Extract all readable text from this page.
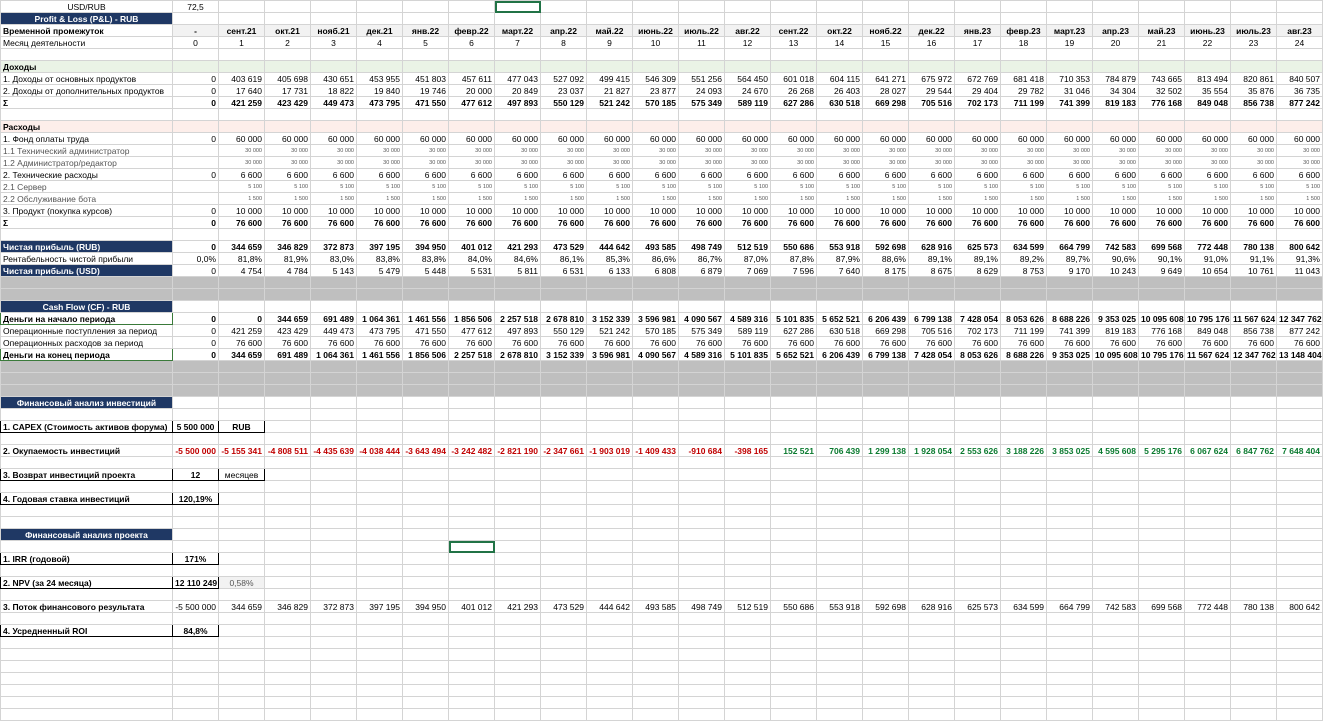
USD/RUB	72,5																								
Profit & Loss (P&L) - RUB																									
Временной промежуток	-	сент.21	окт.21	нояб.21	дек.21	янв.22	февр.22	март.22	апр.22	май.22	июнь.22	июль.22	авг.22	сент.22	окт.22	нояб.22	дек.22	янв.23	февр.23	март.23	апр.23	май.23	июнь.23	июль.23	авг.23
Месяц деятельности	0	1	2	3	4	5	6	7	8	9	10	11	12	13	14	15	16	17	18	19	20	21	22	23	24

Доходы																									
1. Доходы от основных продуктов	0	403 619	405 698	430 651	453 955	451 803	457 611	477 043	527 092	499 415	546 309	551 256	564 450	601 018	604 115	641 271	675 972	672 769	681 418	710 353	784 879	743 665	813 494	820 861	840 507
2. Доходы от дополнительных продуктов	0	17 640	17 731	18 822	19 840	19 746	20 000	20 849	23 037	21 827	23 877	24 093	24 670	26 268	26 403	28 027	29 544	29 404	29 782	31 046	34 304	32 502	35 554	35 876	36 735
Σ	0	421 259	423 429	449 473	473 795	471 550	477 612	497 893	550 129	521 242	570 185	575 349	589 119	627 286	630 518	669 298	705 516	702 173	711 199	741 399	819 183	776 168	849 048	856 738	877 242

Расходы																									
1. Фонд оплаты труда	0	60 000	60 000	60 000	60 000	60 000	60 000	60 000	60 000	60 000	60 000	60 000	60 000	60 000	60 000	60 000	60 000	60 000	60 000	60 000	60 000	60 000	60 000	60 000	60 000
1.1 Технический администратор		30 000	30 000	30 000	30 000	30 000	30 000	30 000	30 000	30 000	30 000	30 000	30 000	30 000	30 000	30 000	30 000	30 000	30 000	30 000	30 000	30 000	30 000	30 000	30 000
1.2 Администратор/редактор		30 000	30 000	30 000	30 000	30 000	30 000	30 000	30 000	30 000	30 000	30 000	30 000	30 000	30 000	30 000	30 000	30 000	30 000	30 000	30 000	30 000	30 000	30 000	30 000
2. Технические расходы	0	6 600	6 600	6 600	6 600	6 600	6 600	6 600	6 600	6 600	6 600	6 600	6 600	6 600	6 600	6 600	6 600	6 600	6 600	6 600	6 600	6 600	6 600	6 600	6 600
2.1 Сервер		5 100	5 100	5 100	5 100	5 100	5 100	5 100	5 100	5 100	5 100	5 100	5 100	5 100	5 100	5 100	5 100	5 100	5 100	5 100	5 100	5 100	5 100	5 100	5 100
2.2 Обслуживание бота		1 500	1 500	1 500	1 500	1 500	1 500	1 500	1 500	1 500	1 500	1 500	1 500	1 500	1 500	1 500	1 500	1 500	1 500	1 500	1 500	1 500	1 500	1 500	1 500
3. Продукт (покупка курсов)	0	10 000	10 000	10 000	10 000	10 000	10 000	10 000	10 000	10 000	10 000	10 000	10 000	10 000	10 000	10 000	10 000	10 000	10 000	10 000	10 000	10 000	10 000	10 000	10 000
Σ	0	76 600	76 600	76 600	76 600	76 600	76 600	76 600	76 600	76 600	76 600	76 600	76 600	76 600	76 600	76 600	76 600	76 600	76 600	76 600	76 600	76 600	76 600	76 600	76 600

Чистая прибыль (RUB)	0	344 659	346 829	372 873	397 195	394 950	401 012	421 293	473 529	444 642	493 585	498 749	512 519	550 686	553 918	592 698	628 916	625 573	634 599	664 799	742 583	699 568	772 448	780 138	800 642
Рентабельность чистой прибыли	0,0%	81,8%	81,9%	83,0%	83,8%	83,8%	84,0%	84,6%	86,1%	85,3%	86,6%	86,7%	87,0%	87,8%	87,9%	88,6%	89,1%	89,1%	89,2%	89,7%	90,6%	90,1%	91,0%	91,1%	91,3%
Чистая прибыль (USD)	0	4 754	4 784	5 143	5 479	5 448	5 531	5 811	6 531	6 133	6 808	6 879	7 069	7 596	7 640	8 175	8 675	8 629	8 753	9 170	10 243	9 649	10 654	10 761	11 043

Cash Flow (CF) - RUB																									
Деньги на начало периода	0	0	344 659	691 489	1 064 361	1 461 556	1 856 506	2 257 518	2 678 810	3 152 339	3 596 981	4 090 567	4 589 316	5 101 835	5 652 521	6 206 439	6 799 138	7 428 054	8 053 626	8 688 226	9 353 025	10 095 608	10 795 176	11 567 624	12 347 762
Операционные поступления за период	0	421 259	423 429	449 473	473 795	471 550	477 612	497 893	550 129	521 242	570 185	575 349	589 119	627 286	630 518	669 298	705 516	702 173	711 199	741 399	819 183	776 168	849 048	856 738	877 242
Операционных расходов за период	0	76 600	76 600	76 600	76 600	76 600	76 600	76 600	76 600	76 600	76 600	76 600	76 600	76 600	76 600	76 600	76 600	76 600	76 600	76 600	76 600	76 600	76 600	76 600	76 600
Деньги на конец периода	0	344 659	691 489	1 064 361	1 461 556	1 856 506	2 257 518	2 678 810	3 152 339	3 596 981	4 090 567	4 589 316	5 101 835	5 652 521	6 206 439	6 799 138	7 428 054	8 053 626	8 688 226	9 353 025	10 095 608	10 795 176	11 567 624	12 347 762	13 148 404

Финансовый анализ инвестиций																									

1. CAPEX (Стоимость активов форума)	5 500 000	RUB																							

2. Окупаемость инвестиций	-5 500 000	-5 155 341	-4 808 511	-4 435 639	-4 038 444	-3 643 494	-3 242 482	-2 821 190	-2 347 661	-1 903 019	-1 409 433	-910 684	-398 165	152 521	706 439	1 299 138	1 928 054	2 553 626	3 188 226	3 853 025	4 595 608	5 295 176	6 067 624	6 847 762	7 648 404

3. Возврат инвестиций проекта	12	месяцев																							

4. Годовая ставка инвестиций	120,19%																								

Финансовый анализ проекта																									

1. IRR (годовой)	171%																								

2. NPV (за 24 месяца)	12 110 249	0,58%																							

3. Поток финансового результата	-5 500 000	344 659	346 829	372 873	397 195	394 950	401 012	421 293	473 529	444 642	493 585	498 749	512 519	550 686	553 918	592 698	628 916	625 573	634 599	664 799	742 583	699 568	772 448	780 138	800 642

4. Усредненный ROI	84,8%																								
